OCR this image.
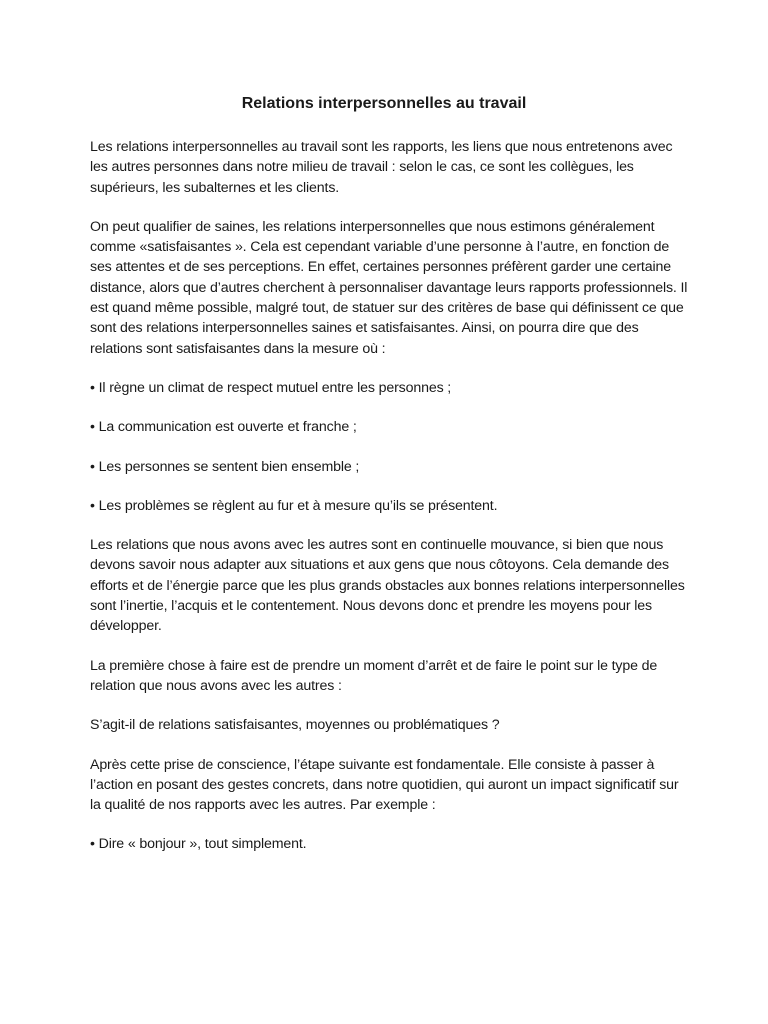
Relations interpersonnelles au travail

Les relations interpersonnelles au travail sont les rapports, les liens que nous entretenons avec les autres personnes dans notre milieu de travail : selon le cas, ce sont les collègues, les supérieurs, les subalternes et les clients.

On peut qualifier de saines, les relations interpersonnelles que nous estimons généralement comme «satisfaisantes ». Cela est cependant variable d’une personne à l’autre, en fonction de ses attentes et de ses perceptions. En effet, certaines personnes préfèrent garder une certaine distance, alors que d’autres cherchent à personnaliser davantage leurs rapports professionnels. Il est quand même possible, malgré tout, de statuer sur des critères de base qui définissent ce que sont des relations interpersonnelles saines et satisfaisantes. Ainsi, on pourra dire que des relations sont satisfaisantes dans la mesure où :

• Il règne un climat de respect mutuel entre les personnes ;

• La communication est ouverte et franche ;

• Les personnes se sentent bien ensemble ;

• Les problèmes se règlent au fur et à mesure qu’ils se présentent.

Les relations que nous avons avec les autres sont en continuelle mouvance, si bien que nous devons savoir nous adapter aux situations et aux gens que nous côtoyons. Cela demande des efforts et de l’énergie parce que les plus grands obstacles aux bonnes relations interpersonnelles sont l’inertie, l’acquis et le contentement. Nous devons donc et prendre les moyens pour les développer.

La première chose à faire est de prendre un moment d’arrêt et de faire le point sur le type de relation que nous avons avec les autres :

S’agit-il de relations satisfaisantes, moyennes ou problématiques ?

Après cette prise de conscience, l’étape suivante est fondamentale. Elle consiste à passer à l’action en posant des gestes concrets, dans notre quotidien, qui auront un impact significatif sur la qualité de nos rapports avec les autres. Par exemple :

• Dire « bonjour », tout simplement.
